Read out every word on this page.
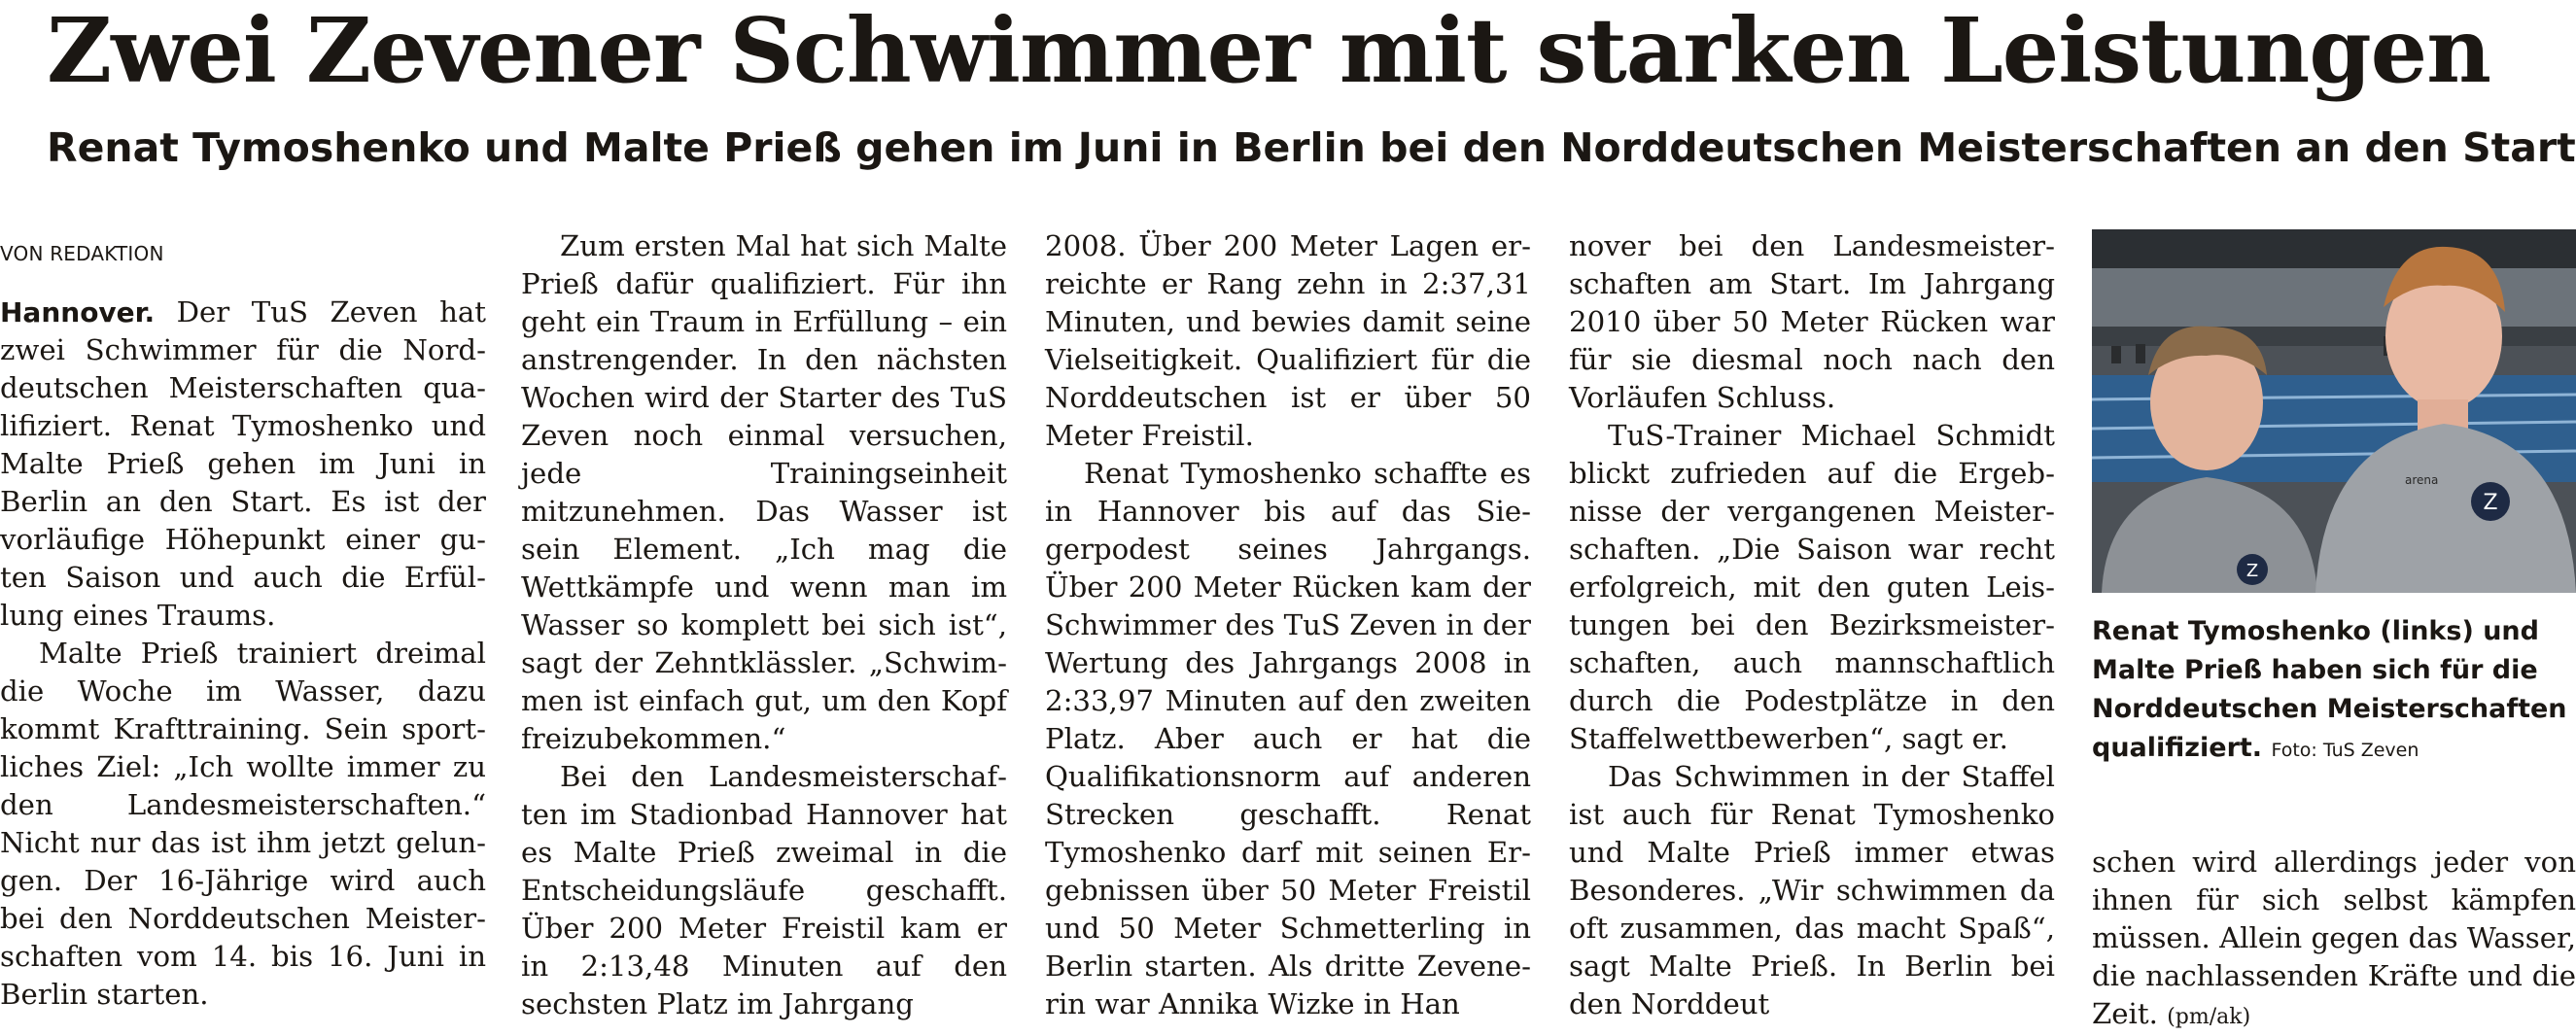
Zwei Zevener Schwimmer mit starken Leistungen
Renat Tymoshenko und Malte Prieß gehen im Juni in Berlin bei den Norddeutschen Meisterschaften an den Start
VON REDAKTION

Hannover. Der TuS Zeven hat zwei Schwimmer für die Norddeutschen Meisterschaften qualifiziert. Renat Tymoshenko und Malte Prieß gehen im Juni in Berlin an den Start. Es ist der vorläufige Höhepunkt einer guten Saison und auch die Erfüllung eines Traums.

Malte Prieß trainiert dreimal die Woche im Wasser, dazu kommt Krafttraining. Sein sportliches Ziel: „Ich wollte immer zu den Landesmeisterschaften.“ Nicht nur das ist ihm jetzt gelungen. Der 16-Jährige wird auch bei den Norddeutschen Meisterschaften vom 14. bis 16. Juni in Berlin starten.

Zum ersten Mal hat sich Malte Prieß dafür qualifiziert. Für ihn geht ein Traum in Erfüllung – ein anstrengender. In den nächsten Wochen wird der Starter des TuS Zeven noch einmal versuchen, jede Trainingseinheit mitzunehmen. Das Wasser ist sein Element. „Ich mag die Wettkämpfe und wenn man im Wasser so komplett bei sich ist“, sagt der Zehntklässler. „Schwimmen ist einfach gut, um den Kopf freizubekommen.“

Bei den Landesmeisterschaften im Stadionbad Hannover hat es Malte Prieß zweimal in die Entscheidungsläufe geschafft. Über 200 Meter Freistil kam er in 2:13,48 Minuten auf den sechsten Platz im Jahrgang

2008. Über 200 Meter Lagen erreichte er Rang zehn in 2:37,31 Minuten, und bewies damit seine Vielseitigkeit. Qualifiziert für die Norddeutschen ist er über 50 Meter Freistil.

Renat Tymoshenko schaffte es in Hannover bis auf das Siegerpodest seines Jahrgangs. Über 200 Meter Rücken kam der Schwimmer des TuS Zeven in der Wertung des Jahrgangs 2008 in 2:33,97 Minuten auf den zweiten Platz. Aber auch er hat die Qualifikationsnorm auf anderen Strecken geschafft. Renat Tymoshenko darf mit seinen Ergebnissen über 50 Meter Freistil und 50 Meter Schmetterling in Berlin starten. Als dritte Zevenerin war Annika Wizke in Han

nover bei den Landesmeisterschaften am Start. Im Jahrgang 2010 über 50 Meter Rücken war für sie diesmal noch nach den Vorläufen Schluss.

TuS-Trainer Michael Schmidt blickt zufrieden auf die Ergebnisse der vergangenen Meisterschaften. „Die Saison war recht erfolgreich, mit den guten Leistungen bei den Bezirksmeisterschaften, auch mannschaftlich durch die Podestplätze in den Staffelwettbewerben“, sagt er.

Das Schwimmen in der Staffel ist auch für Renat Tymoshenko und Malte Prieß immer etwas Besonderes. „Wir schwimmen da oft zusammen, das macht Spaß“, sagt Malte Prieß. In Berlin bei den Norddeut

Z
Z
arena
Renat Tymoshenko (links) und Malte Prieß haben sich für die Norddeutschen Meisterschaften qualifiziert. Foto: TuS Zeven

schen wird allerdings jeder von ihnen für sich selbst kämpfen müssen. Allein gegen das Wasser, die nachlassenden Kräfte und die Zeit. (pm/ak)
